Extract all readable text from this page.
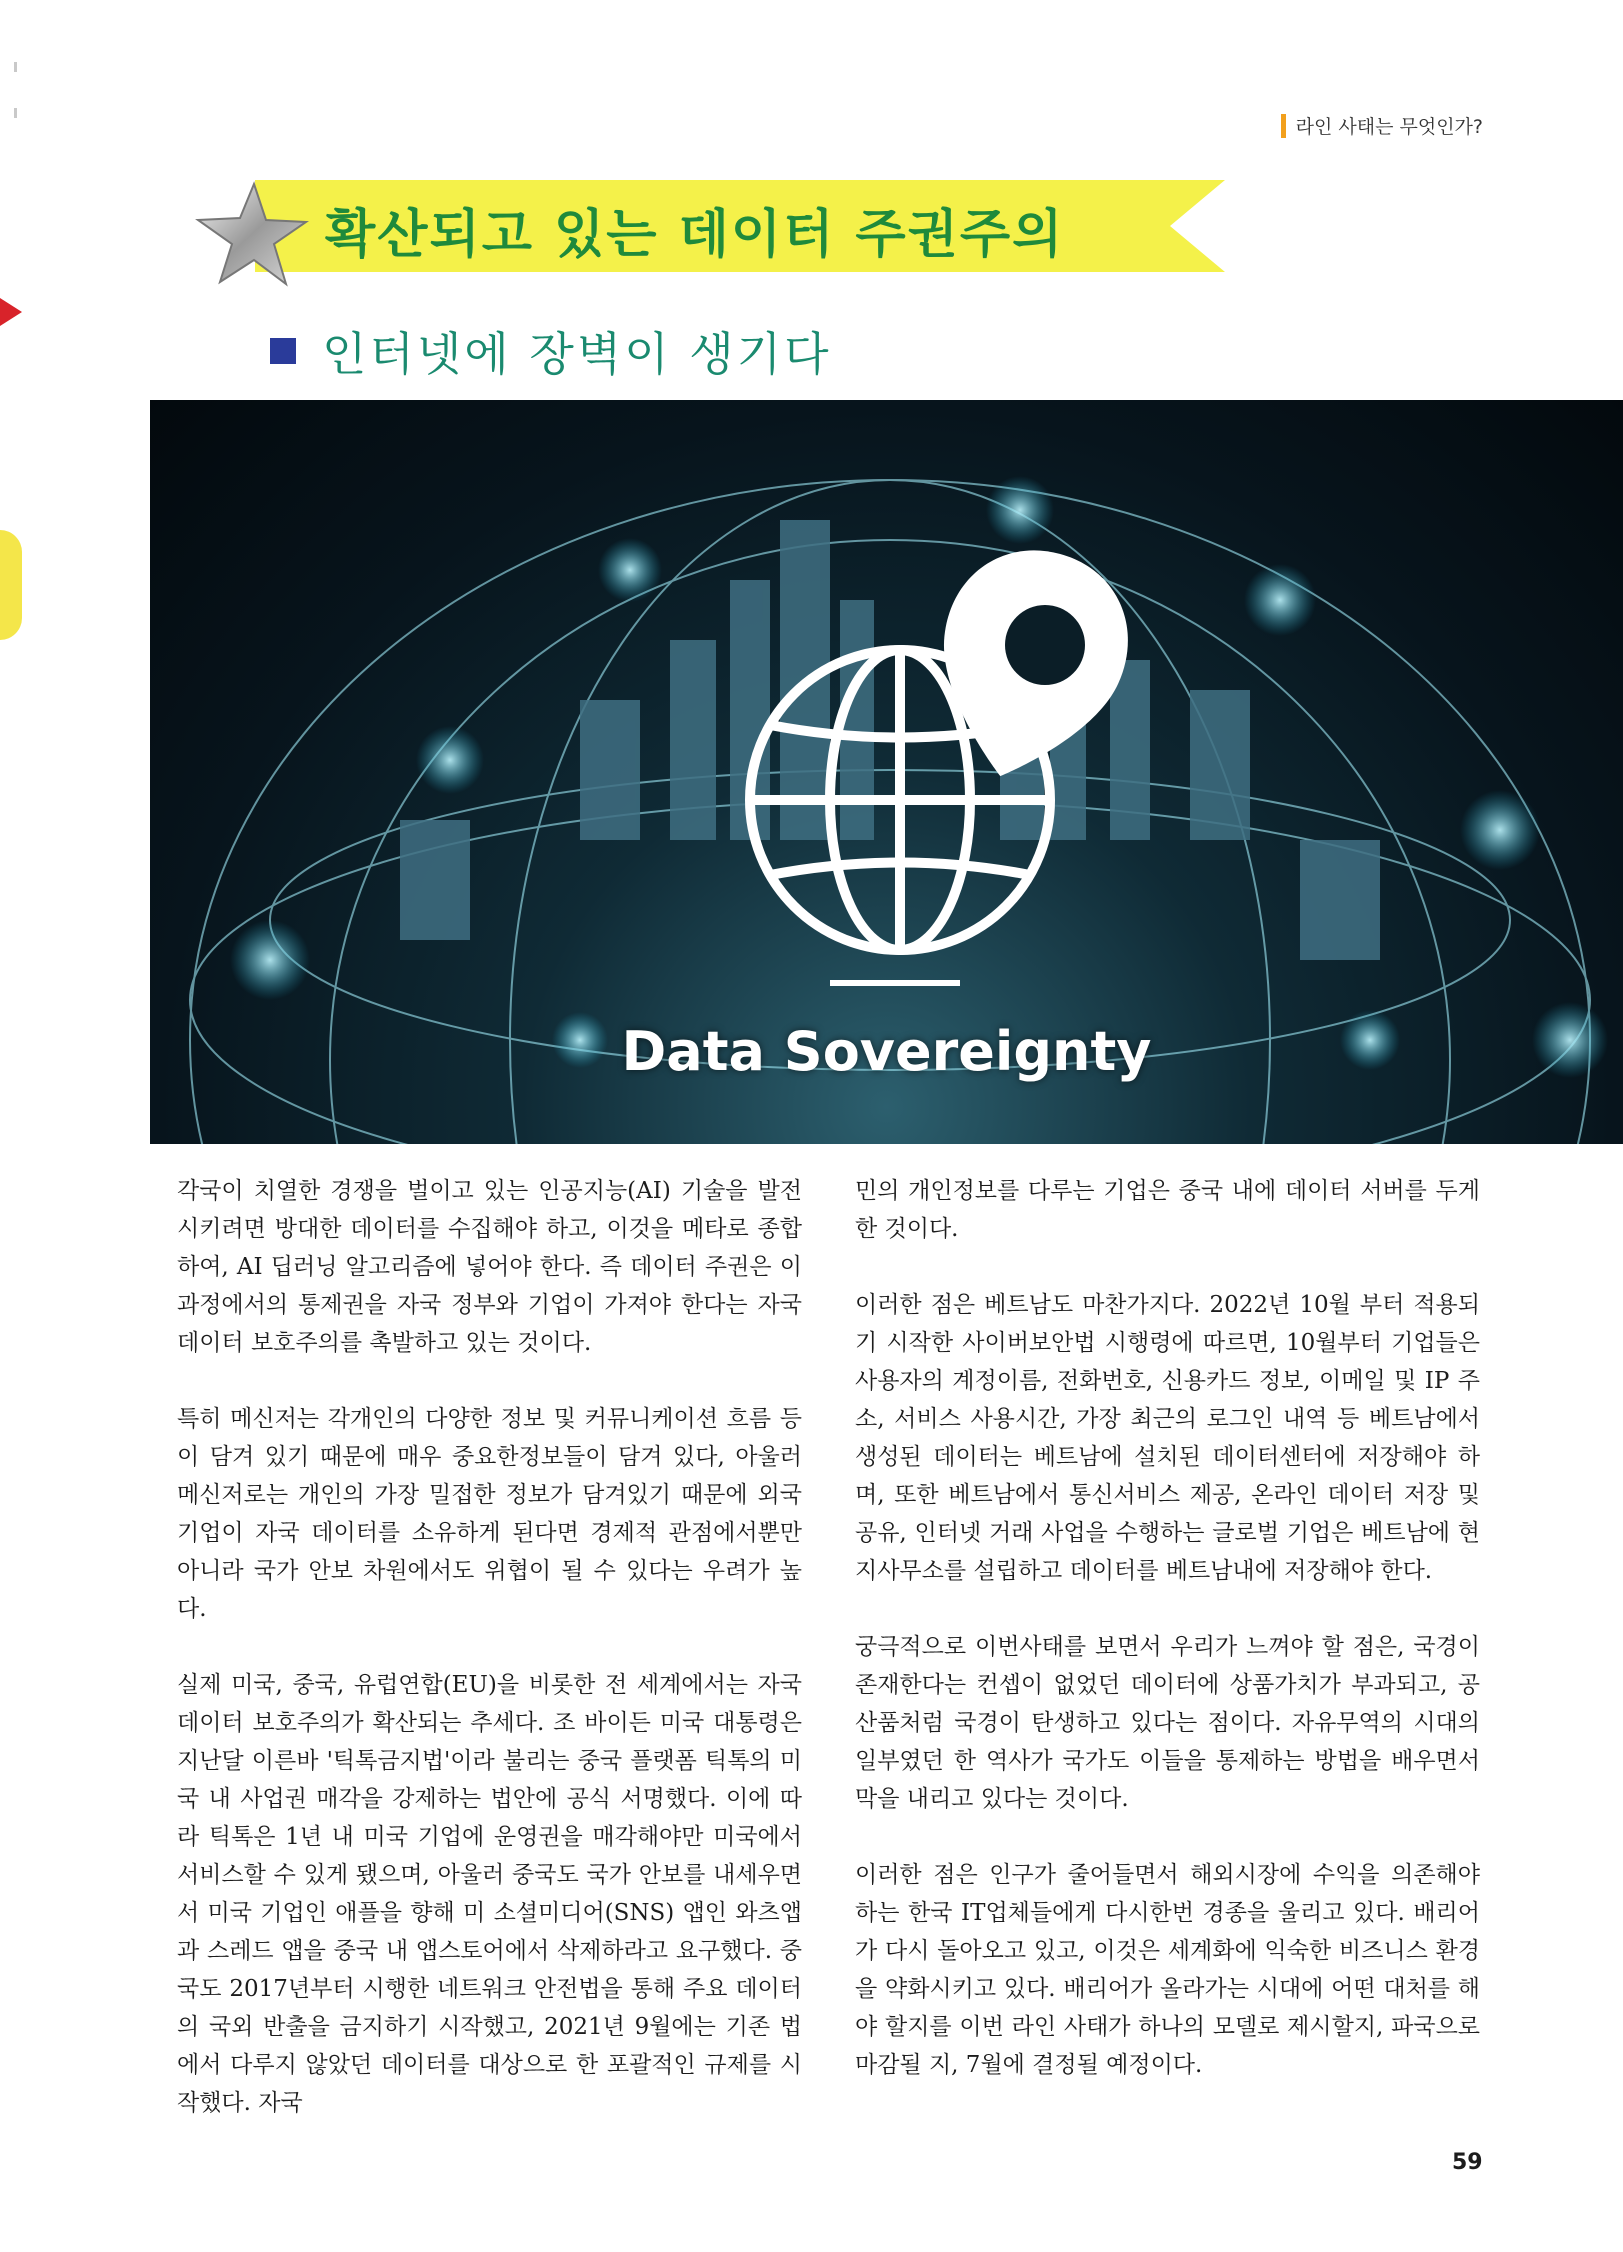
라인 사태는 무엇인가?
확산되고 있는 데이터 주권주의
인터넷에 장벽이 생기다
Data Sovereignty

각국이 치열한 경쟁을 벌이고 있는 인공지능(AI) 기술을 발전시키려면 방대한 데이터를 수집해야 하고, 이것을 메타로 종합하여, AI 딥러닝 알고리즘에 넣어야 한다. 즉 데이터 주권은 이 과정에서의 통제권을 자국 정부와 기업이 가져야 한다는 자국 데이터 보호주의를 촉발하고 있는 것이다.

특히 메신저는 각개인의 다양한 정보 및 커뮤니케이션 흐름 등이 담겨 있기 때문에 매우 중요한정보들이 담겨 있다, 아울러 메신저로는 개인의 가장 밀접한 정보가 담겨있기 때문에 외국 기업이 자국 데이터를 소유하게 된다면 경제적 관점에서뿐만 아니라 국가 안보 차원에서도 위협이 될 수 있다는 우려가 높다.

실제 미국, 중국, 유럽연합(EU)을 비롯한 전 세계에서는 자국 데이터 보호주의가 확산되는 추세다. 조 바이든 미국 대통령은 지난달 이른바 '틱톡금지법'이라 불리는 중국 플랫폼 틱톡의 미국 내 사업권 매각을 강제하는 법안에 공식 서명했다. 이에 따라 틱톡은 1년 내 미국 기업에 운영권을 매각해야만 미국에서 서비스할 수 있게 됐으며, 아울러 중국도 국가 안보를 내세우면서 미국 기업인 애플을 향해 미 소셜미디어(SNS) 앱인 와츠앱과 스레드 앱을 중국 내 앱스토어에서 삭제하라고 요구했다. 중국도 2017년부터 시행한 네트워크 안전법을 통해 주요 데이터의 국외 반출을 금지하기 시작했고, 2021년 9월에는 기존 법에서 다루지 않았던 데이터를 대상으로 한 포괄적인 규제를 시작했다. 자국

민의 개인정보를 다루는 기업은 중국 내에 데이터 서버를 두게 한 것이다.

이러한 점은 베트남도 마찬가지다. 2022년 10월 부터 적용되기 시작한 사이버보안법 시행령에 따르면, 10월부터 기업들은 사용자의 계정이름, 전화번호, 신용카드 정보, 이메일 및 IP 주소, 서비스 사용시간, 가장 최근의 로그인 내역 등 베트남에서 생성된 데이터는 베트남에 설치된 데이터센터에 저장해야 하며, 또한 베트남에서 통신서비스 제공, 온라인 데이터 저장 및 공유, 인터넷 거래 사업을 수행하는 글로벌 기업은 베트남에 현지사무소를 설립하고 데이터를 베트남내에 저장해야 한다.

궁극적으로 이번사태를 보면서 우리가 느껴야 할 점은, 국경이 존재한다는 컨셉이 없었던 데이터에 상품가치가 부과되고, 공산품처럼 국경이 탄생하고 있다는 점이다. 자유무역의 시대의 일부였던 한 역사가 국가도 이들을 통제하는 방법을 배우면서 막을 내리고 있다는 것이다.

이러한 점은 인구가 줄어들면서 해외시장에 수익을 의존해야 하는 한국 IT업체들에게 다시한번 경종을 울리고 있다. 배리어가 다시 돌아오고 있고, 이것은 세계화에 익숙한 비즈니스 환경을 약화시키고 있다. 배리어가 올라가는 시대에 어떤 대처를 해야 할지를 이번 라인 사태가 하나의 모델로 제시할지, 파국으로 마감될 지, 7월에 결정될 예정이다.

59
